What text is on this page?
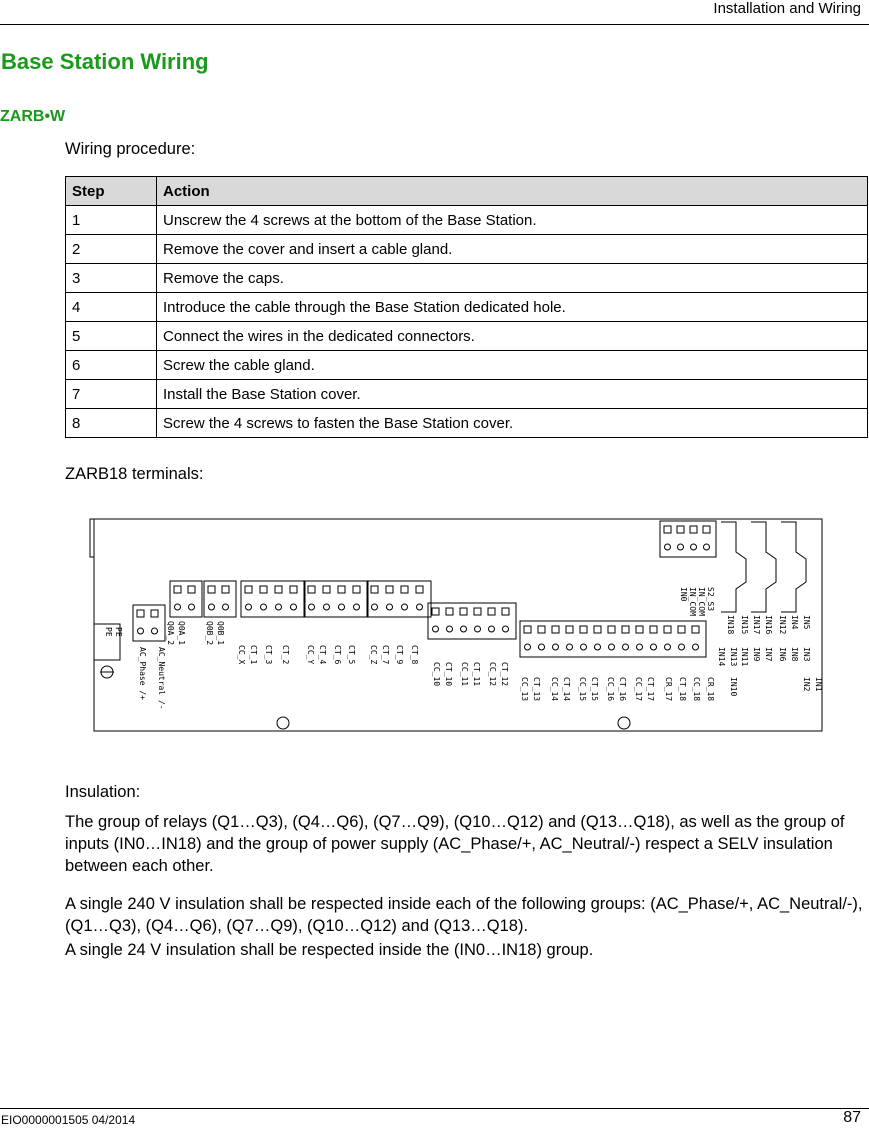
Installation and Wiring
Base Station Wiring
ZARB•W

Wiring procedure:

Step	Action
1	Unscrew the 4 screws at the bottom of the Base Station.
2	Remove the cover and insert a cable gland.
3	Remove the caps.
4	Introduce the cable through the Base Station dedicated hole.
5	Connect the wires in the dedicated connectors.
6	Screw the cable gland.
7	Install the Base Station cover.
8	Screw the 4 screws to fasten the Base Station cover.

ZARB18 terminals:

PE
PE
AC_Phase /+ AC_Neutral /-
Q0A_1
Q0A_2	Q0B_1
Q0B_2
CT_1	CT_2
CT_3
CC_X	CT_4	CT_5
CT_6
CC_Y	CT_7	CT_8
CT_9
CC_Z
CT_10 CT_11 CT_12
CC_10 CC_11 CC_12
CT_13	CT_14 CT_15 CT_16 CT_17	CT_18 CR_18
CC_13	CC_14 CC_15 CC_16 CC_17	CR_17 CC_18
S2_S3
IN_COM
IN_COM
IN0
IN18 IN17 IN16
IN15
IN14 IN13
IN12
IN11
IN10
IN9	IN8
IN7 IN6
IN5
IN4
IN3
IN2 IN1

Insulation:

The group of relays (Q1…Q3), (Q4…Q6), (Q7…Q9), (Q10…Q12) and (Q13…Q18), as well as the group of inputs (IN0…IN18) and the group of power supply (AC_Phase/+, AC_Neutral/-) respect a SELV insulation between each other.

A single 240 V insulation shall be respected inside each of the following groups: (AC_Phase/+, AC_Neutral/-),(Q1…Q3), (Q4…Q6), (Q7…Q9), (Q10…Q12) and (Q13…Q18).

A single 24 V insulation shall be respected inside the (IN0…IN18) group.

EIO0000001505 04/2014	87
